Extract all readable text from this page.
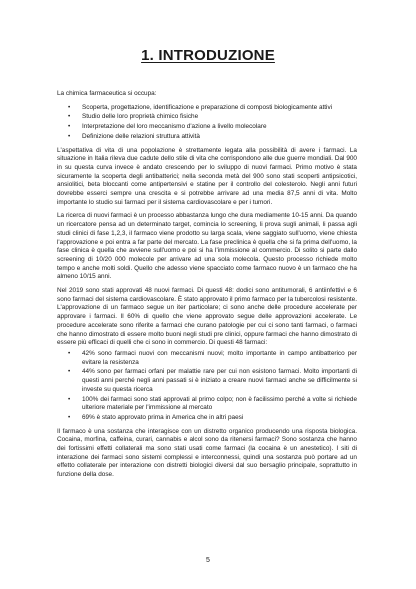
1. INTRODUZIONE

La chimica farmaceutica si occupa:

• Scoperta, progettazione, identificazione e preparazione di composti biologicamente attivi
• Studio delle loro proprietà chimico fisiche
• Interpretazione del loro meccanismo d'azione a livello molecolare
• Definizione delle relazioni struttura attività

L'aspettativa di vita di una popolazione è strettamente legata alla possibilità di avere i farmaci. La situazione in Italia rileva due cadute dello stile di vita che corrispondono alle due guerre mondiali. Dal 900 in su questa curva invece è andato crescendo per lo sviluppo di nuovi farmaci. Primo motivo è stata sicuramente la scoperta degli antibatterici; nella seconda metà del 900 sono stati scoperti antipsicotici, ansiolitici, beta bloccanti come antipertensivi e statine per il controllo del colesterolo. Negli anni futuri dovrebbe esserci sempre una crescita e si potrebbe arrivare ad una media 87,5 anni di vita. Molto importante lo studio sui farmaci per il sistema cardiovascolare e per i tumori.

La ricerca di nuovi farmaci è un processo abbastanza lungo che dura mediamente 10-15 anni. Da quando un ricercatore pensa ad un determinato target, comincia lo screening, li prova sugli animali, li passa agli studi clinici di fase 1,2,3, il farmaco viene prodotto su larga scala, viene saggiato sull'uomo, viene chiesta l'approvazione e poi entra a far parte del mercato. La fase preclinica è quella che si fa prima dell'uomo, la fase clinica è quella che avviene sull'uomo e poi si ha l'immissione al commercio. Di solito si parte dallo screening di 10/20 000 molecole per arrivare ad una sola molecola. Questo processo richiede molto tempo e anche molti soldi. Quello che adesso viene spacciato come farmaco nuovo è un farmaco che ha almeno 10/15 anni.

Nel 2019 sono stati approvati 48 nuovi farmaci. Di questi 48: dodici sono antitumorali, 6 antiinfettivi e 6 sono farmaci del sistema cardiovascolare. È stato approvato il primo farmaco per la tubercolosi resistente. L'approvazione di un farmaco segue un iter particolare; ci sono anche delle procedure accelerate per approvare i farmaci. Il 60% di quello che viene approvato segue delle approvazioni accelerate. Le procedure accelerate sono riferite a farmaci che curano patologie per cui ci sono tanti farmaci, o farmaci che hanno dimostrato di essere molto buoni negli studi pre clinici, oppure farmaci che hanno dimostrato di essere più efficaci di quelli che ci sono in commercio. Di questi 48 farmaci:

• 42% sono farmaci nuovi con meccanismi nuovi; molto importante in campo antibatterico per evitare la resistenza
• 44% sono per farmaci orfani per malattie rare per cui non esistono farmaci. Molto importanti di questi anni perché negli anni passati si è iniziato a creare nuovi farmaci anche se difficilmente si investe su questa ricerca
• 100% dei farmaci sono stati approvati al primo colpo; non è facilissimo perché a volte si richiede ulteriore materiale per l'immissione al mercato
• 69% è stato approvato prima in America che in altri paesi

Il farmaco è una sostanza che interagisce con un distretto organico producendo una risposta biologica. Cocaina, morfina, caffeina, curari, cannabis e alcol sono da ritenersi farmaci? Sono sostanza che hanno dei fortissimi effetti collaterali ma sono stati usati come farmaci (la cocaina è un anestetico). I siti di interazione dei farmaci sono sistemi complessi e interconnessi, quindi una sostanza può portare ad un effetto collaterale per interazione con distretti biologici diversi dal suo bersaglio principale, soprattutto in funzione della dose.

5
